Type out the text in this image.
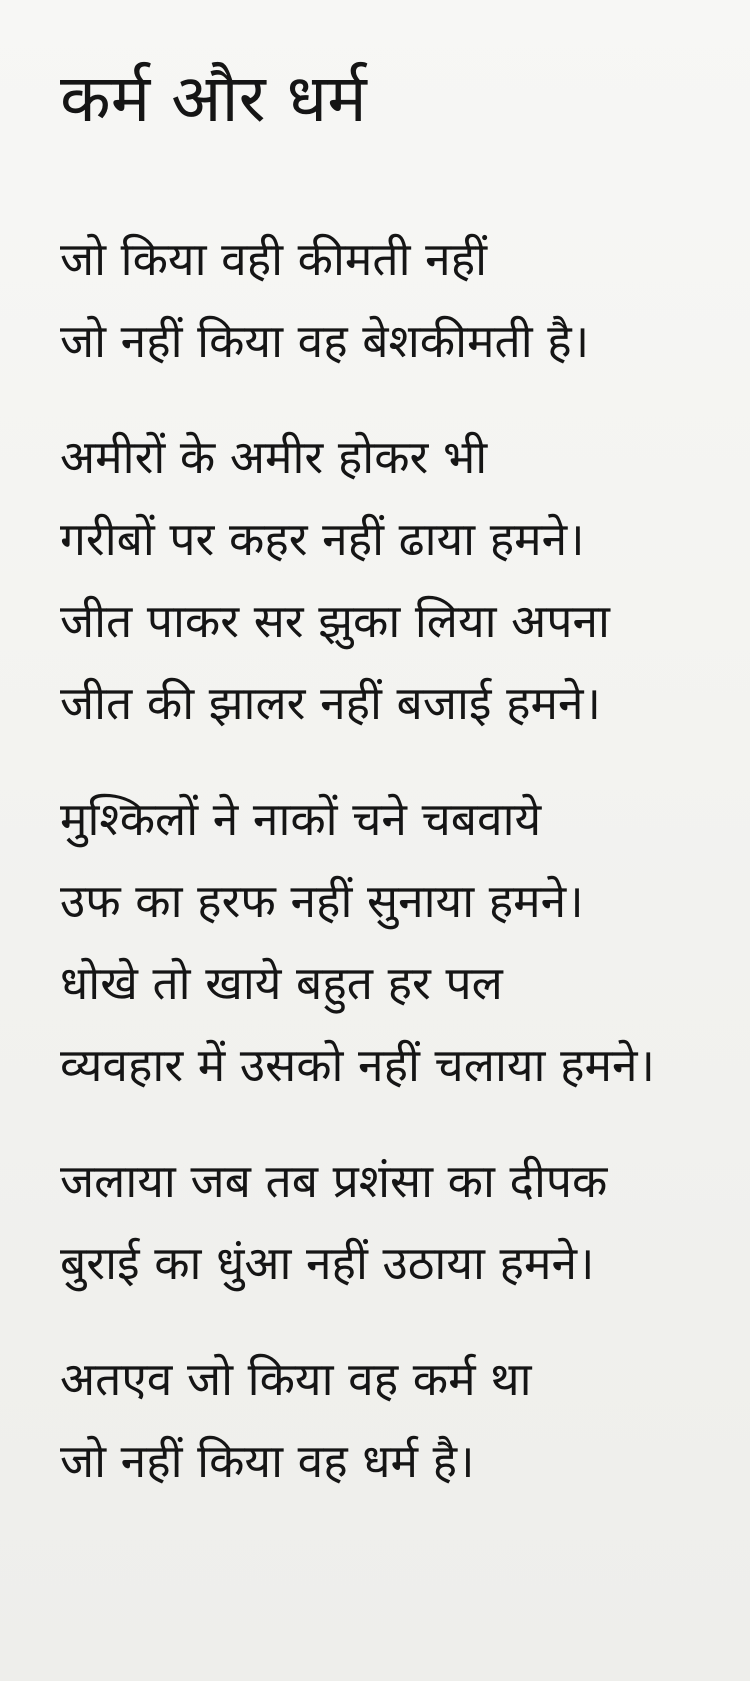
कर्म और धर्म
जो किया वही कीमती नहीं
जो नहीं किया वह बेशकीमती है।
अमीरों के अमीर होकर भी
गरीबों पर कहर नहीं ढाया हमने।
जीत पाकर सर झुका लिया अपना
जीत की झालर नहीं बजाई हमने।
मुश्किलों ने नाकों चने चबवाये
उफ का हरफ नहीं सुनाया हमने।
धोखे तो खाये बहुत हर पल
व्यवहार में उसको नहीं चलाया हमने।
जलाया जब तब प्रशंसा का दीपक
बुराई का धुंआ नहीं उठाया हमने।
अतएव जो किया वह कर्म था
जो नहीं किया वह धर्म है।
